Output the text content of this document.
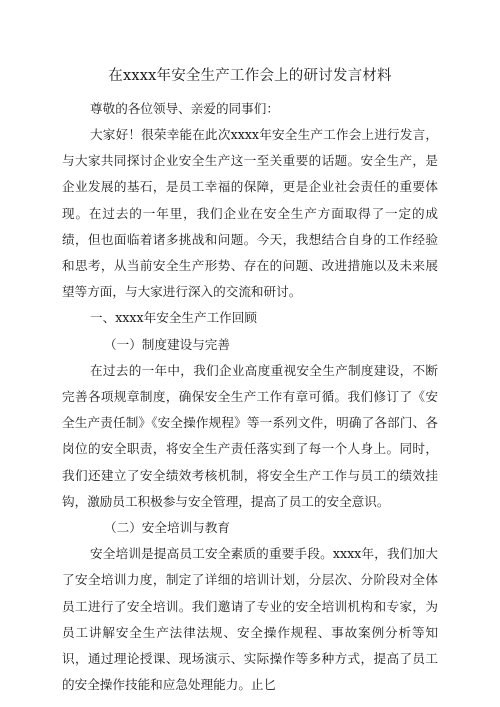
在xxxx年安全生产工作会上的研讨发言材料

尊敬的各位领导、亲爱的同事们：

大家好！很荣幸能在此次xxxx年安全生产工作会上进行发言，与大家共同探讨企业安全生产这一至关重要的话题。安全生产，是企业发展的基石，是员工幸福的保障，更是企业社会责任的重要体现。在过去的一年里，我们企业在安全生产方面取得了一定的成绩，但也面临着诸多挑战和问题。今天，我想结合自身的工作经验和思考，从当前安全生产形势、存在的问题、改进措施以及未来展望等方面，与大家进行深入的交流和研讨。

一、xxxx年安全生产工作回顾

（一）制度建设与完善

在过去的一年中，我们企业高度重视安全生产制度建设，不断完善各项规章制度，确保安全生产工作有章可循。我们修订了《安全生产责任制》《安全操作规程》等一系列文件，明确了各部门、各岗位的安全职责，将安全生产责任落实到了每一个人身上。同时，我们还建立了安全绩效考核机制，将安全生产工作与员工的绩效挂钩，激励员工积极参与安全管理，提高了员工的安全意识。

（二）安全培训与教育

安全培训是提高员工安全素质的重要手段。xxxx年，我们加大了安全培训力度，制定了详细的培训计划，分层次、分阶段对全体员工进行了安全培训。我们邀请了专业的安全培训机构和专家，为员工讲解安全生产法律法规、安全操作规程、事故案例分析等知识，通过理论授课、现场演示、实际操作等多种方式，提高了员工的安全操作技能和应急处理能力。止匕
